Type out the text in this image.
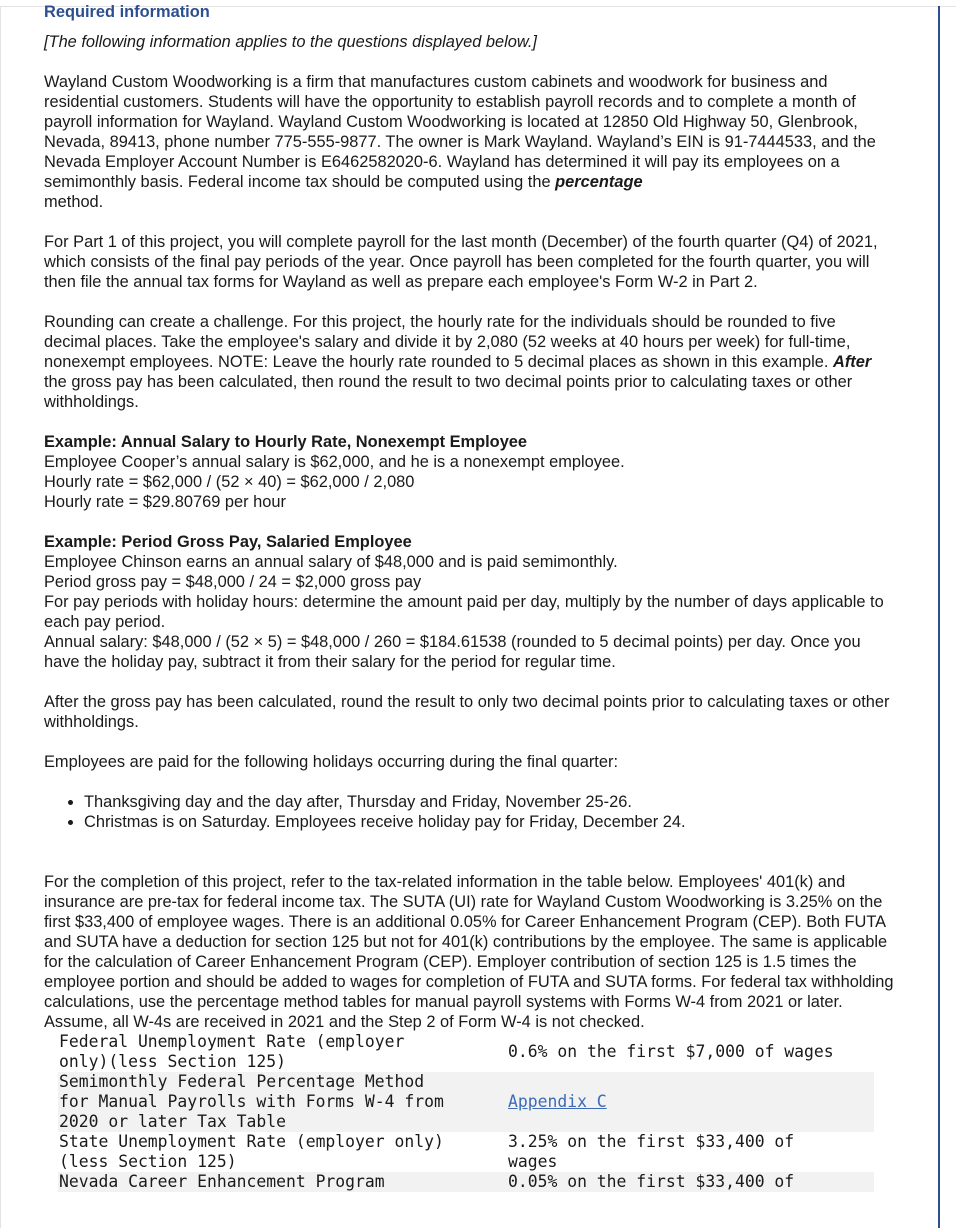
Required information
[The following information applies to the questions displayed below.]

Wayland Custom Woodworking is a firm that manufactures custom cabinets and woodwork for business and residential customers. Students will have the opportunity to establish payroll records and to complete a month of payroll information for Wayland. Wayland Custom Woodworking is located at 12850 Old Highway 50, Glenbrook, Nevada, 89413, phone number 775-555-9877. The owner is Mark Wayland. Wayland’s EIN is 91-7444533, and the Nevada Employer Account Number is E6462582020-6. Wayland has determined it will pay its employees on a semimonthly basis. Federal income tax should be computed using the percentage
method.

For Part 1 of this project, you will complete payroll for the last month (December) of the fourth quarter (Q4) of 2021, which consists of the final pay periods of the year. Once payroll has been completed for the fourth quarter, you will then file the annual tax forms for Wayland as well as prepare each employee's Form W-2 in Part 2.

Rounding can create a challenge. For this project, the hourly rate for the individuals should be rounded to five decimal places. Take the employee's salary and divide it by 2,080 (52 weeks at 40 hours per week) for full-time, nonexempt employees. NOTE: Leave the hourly rate rounded to 5 decimal places as shown in this example. After the gross pay has been calculated, then round the result to two decimal points prior to calculating taxes or other withholdings.

Example: Annual Salary to Hourly Rate, Nonexempt Employee
Employee Cooper’s annual salary is $62,000, and he is a nonexempt employee.
Hourly rate = $62,000 / (52 × 40) = $62,000 / 2,080
Hourly rate = $29.80769 per hour

Example: Period Gross Pay, Salaried Employee
Employee Chinson earns an annual salary of $48,000 and is paid semimonthly.
Period gross pay = $48,000 / 24 = $2,000 gross pay
For pay periods with holiday hours: determine the amount paid per day, multiply by the number of days applicable to each pay period.
Annual salary: $48,000 / (52 × 5) = $48,000 / 260 = $184.61538 (rounded to 5 decimal points) per day. Once you have the holiday pay, subtract it from their salary for the period for regular time.

After the gross pay has been calculated, round the result to only two decimal points prior to calculating taxes or other withholdings.

Employees are paid for the following holidays occurring during the final quarter:

• Thanksgiving day and the day after, Thursday and Friday, November 25-26.
• Christmas is on Saturday. Employees receive holiday pay for Friday, December 24.

For the completion of this project, refer to the tax-related information in the table below. Employees' 401(k) and insurance are pre-tax for federal income tax. The SUTA (UI) rate for Wayland Custom Woodworking is 3.25% on the first $33,400 of employee wages. There is an additional 0.05% for Career Enhancement Program (CEP). Both FUTA and SUTA have a deduction for section 125 but not for 401(k) contributions by the employee. The same is applicable for the calculation of Career Enhancement Program (CEP). Employer contribution of section 125 is 1.5 times the employee portion and should be added to wages for completion of FUTA and SUTA forms. For federal tax withholding calculations, use the percentage method tables for manual payroll systems with Forms W-4 from 2021 or later. Assume, all W-4s are received in 2021 and the Step 2 of Form W-4 is not checked.

Federal Unemployment Rate (employer
only)(less Section 125)	0.6% on the first $7,000 of wages

Semimonthly Federal Percentage Method
for Manual Payrolls with Forms W-4 from
2020 or later Tax Table	Appendix C

State Unemployment Rate (employer only)
(less Section 125)	3.25% on the first $33,400 of
wages

Nevada Career Enhancement Program	0.05% on the first $33,400 of
